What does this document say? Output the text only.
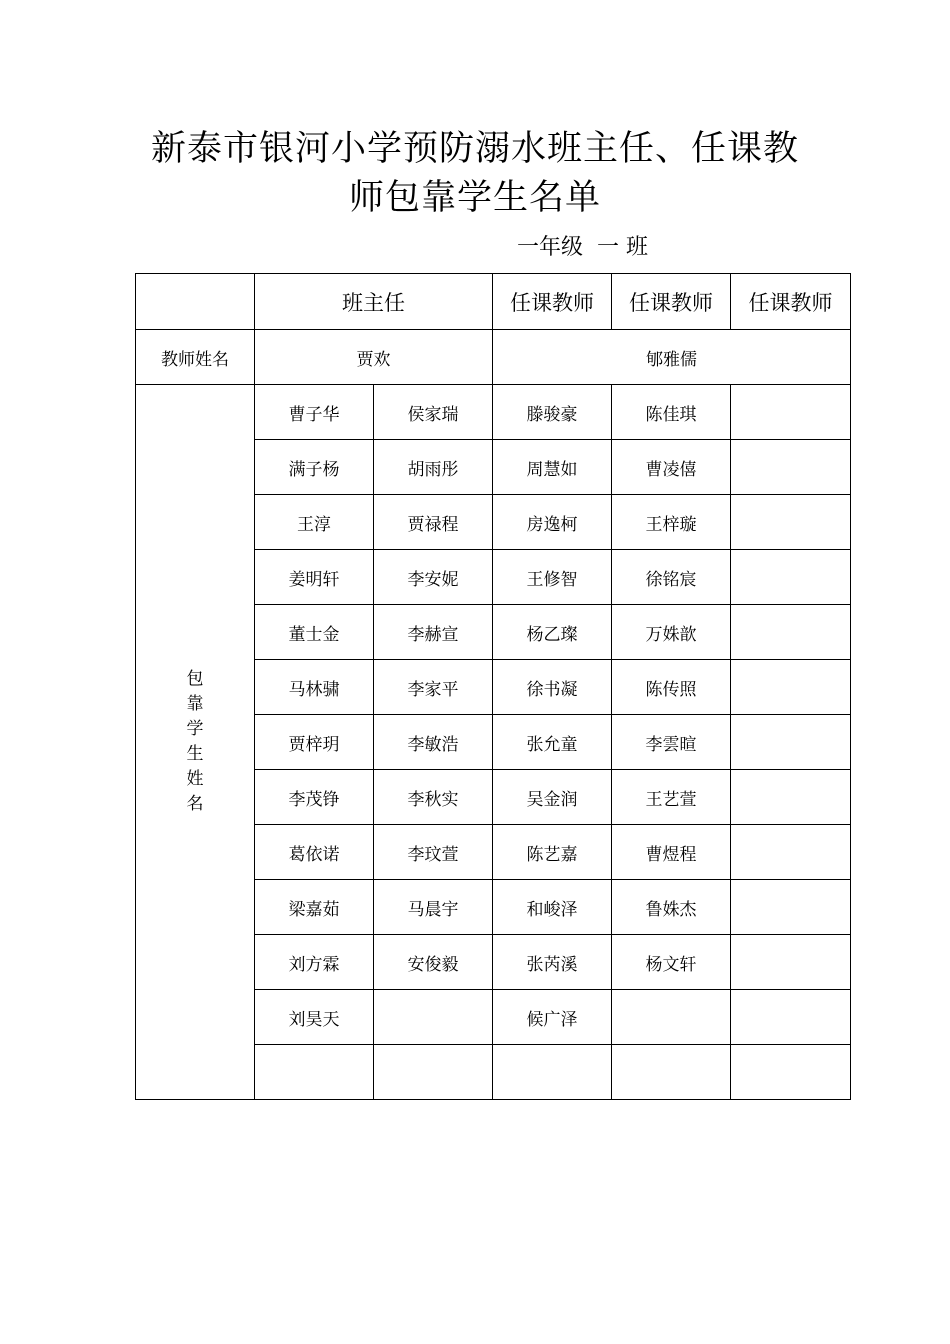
新泰市银河小学预防溺水班主任、任课教
师包靠学生名单
一年级  一 班
	班主任		任课教师	任课教师	任课教师
教师姓名	贾欢		郇雅儒		
包靠学生姓名	曹子华	侯家瑞	滕骏豪	陈佳琪	
	满子杨	胡雨彤	周慧如	曹凌僖	
	王淳	贾禄程	房逸柯	王梓璇	
	姜明轩	李安妮	王修智	徐铭宸	
	董士金	李赫宣	杨乙璨	万姝歆	
	马林骕	李家平	徐书凝	陈传照	
	贾梓玥	李敏浩	张允童	李雲暄	
	李茂铮	李秋实	吴金润	王艺萱	
	葛依诺	李玟萱	陈艺嘉	曹煜程	
	梁嘉茹	马晨宇	和峻泽	鲁姝杰	
	刘方霖	安俊毅	张芮溪	杨文轩	
	刘昊天		候广泽		
